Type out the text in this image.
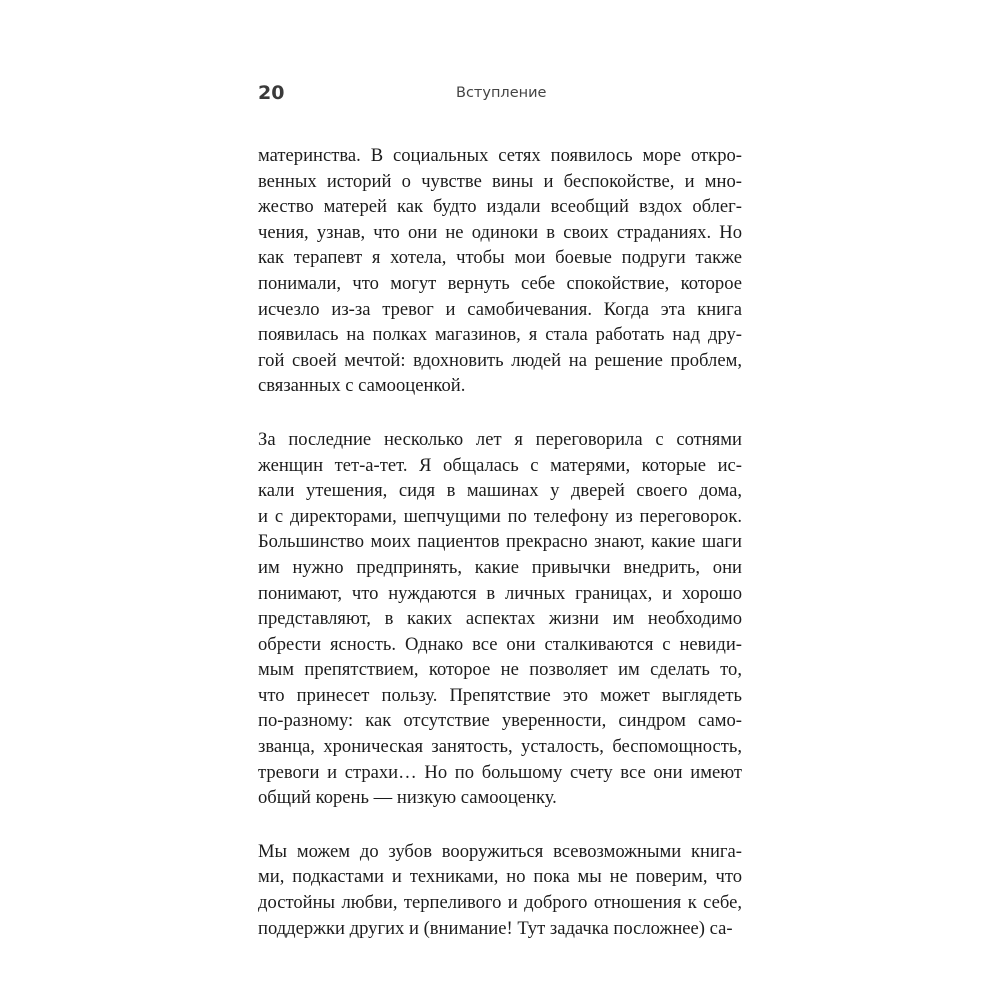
20	Вступление
материнства. В социальных сетях появилось море откро-
венных историй о чувстве вины и беспокойстве, и мно-
жество матерей как будто издали всеобщий вздох облег-
чения, узнав, что они не одиноки в своих страданиях. Но
как терапевт я хотела, чтобы мои боевые подруги также
понимали, что могут вернуть себе спокойствие, которое
исчезло из-за тревог и самобичевания. Когда эта книга
появилась на полках магазинов, я стала работать над дру-
гой своей мечтой: вдохновить людей на решение проблем,
связанных с самооценкой.
За последние несколько лет я переговорила с сотнями
женщин тет-а-тет. Я общалась с матерями, которые ис-
кали утешения, сидя в машинах у дверей своего дома,
и с директорами, шепчущими по телефону из переговорок.
Большинство моих пациентов прекрасно знают, какие шаги
им нужно предпринять, какие привычки внедрить, они
понимают, что нуждаются в личных границах, и хорошо
представляют, в каких аспектах жизни им необходимо
обрести ясность. Однако все они сталкиваются с невиди-
мым препятствием, которое не позволяет им сделать то,
что принесет пользу. Препятствие это может выглядеть
по-разному: как отсутствие уверенности, синдром само-
званца, хроническая занятость, усталость, беспомощность,
тревоги и страхи… Но по большому счету все они имеют
общий корень — низкую самооценку.
Мы можем до зубов вооружиться всевозможными книга-
ми, подкастами и техниками, но пока мы не поверим, что
достойны любви, терпеливого и доброго отношения к себе,
поддержки других и (внимание! Тут задачка посложнее) са-
